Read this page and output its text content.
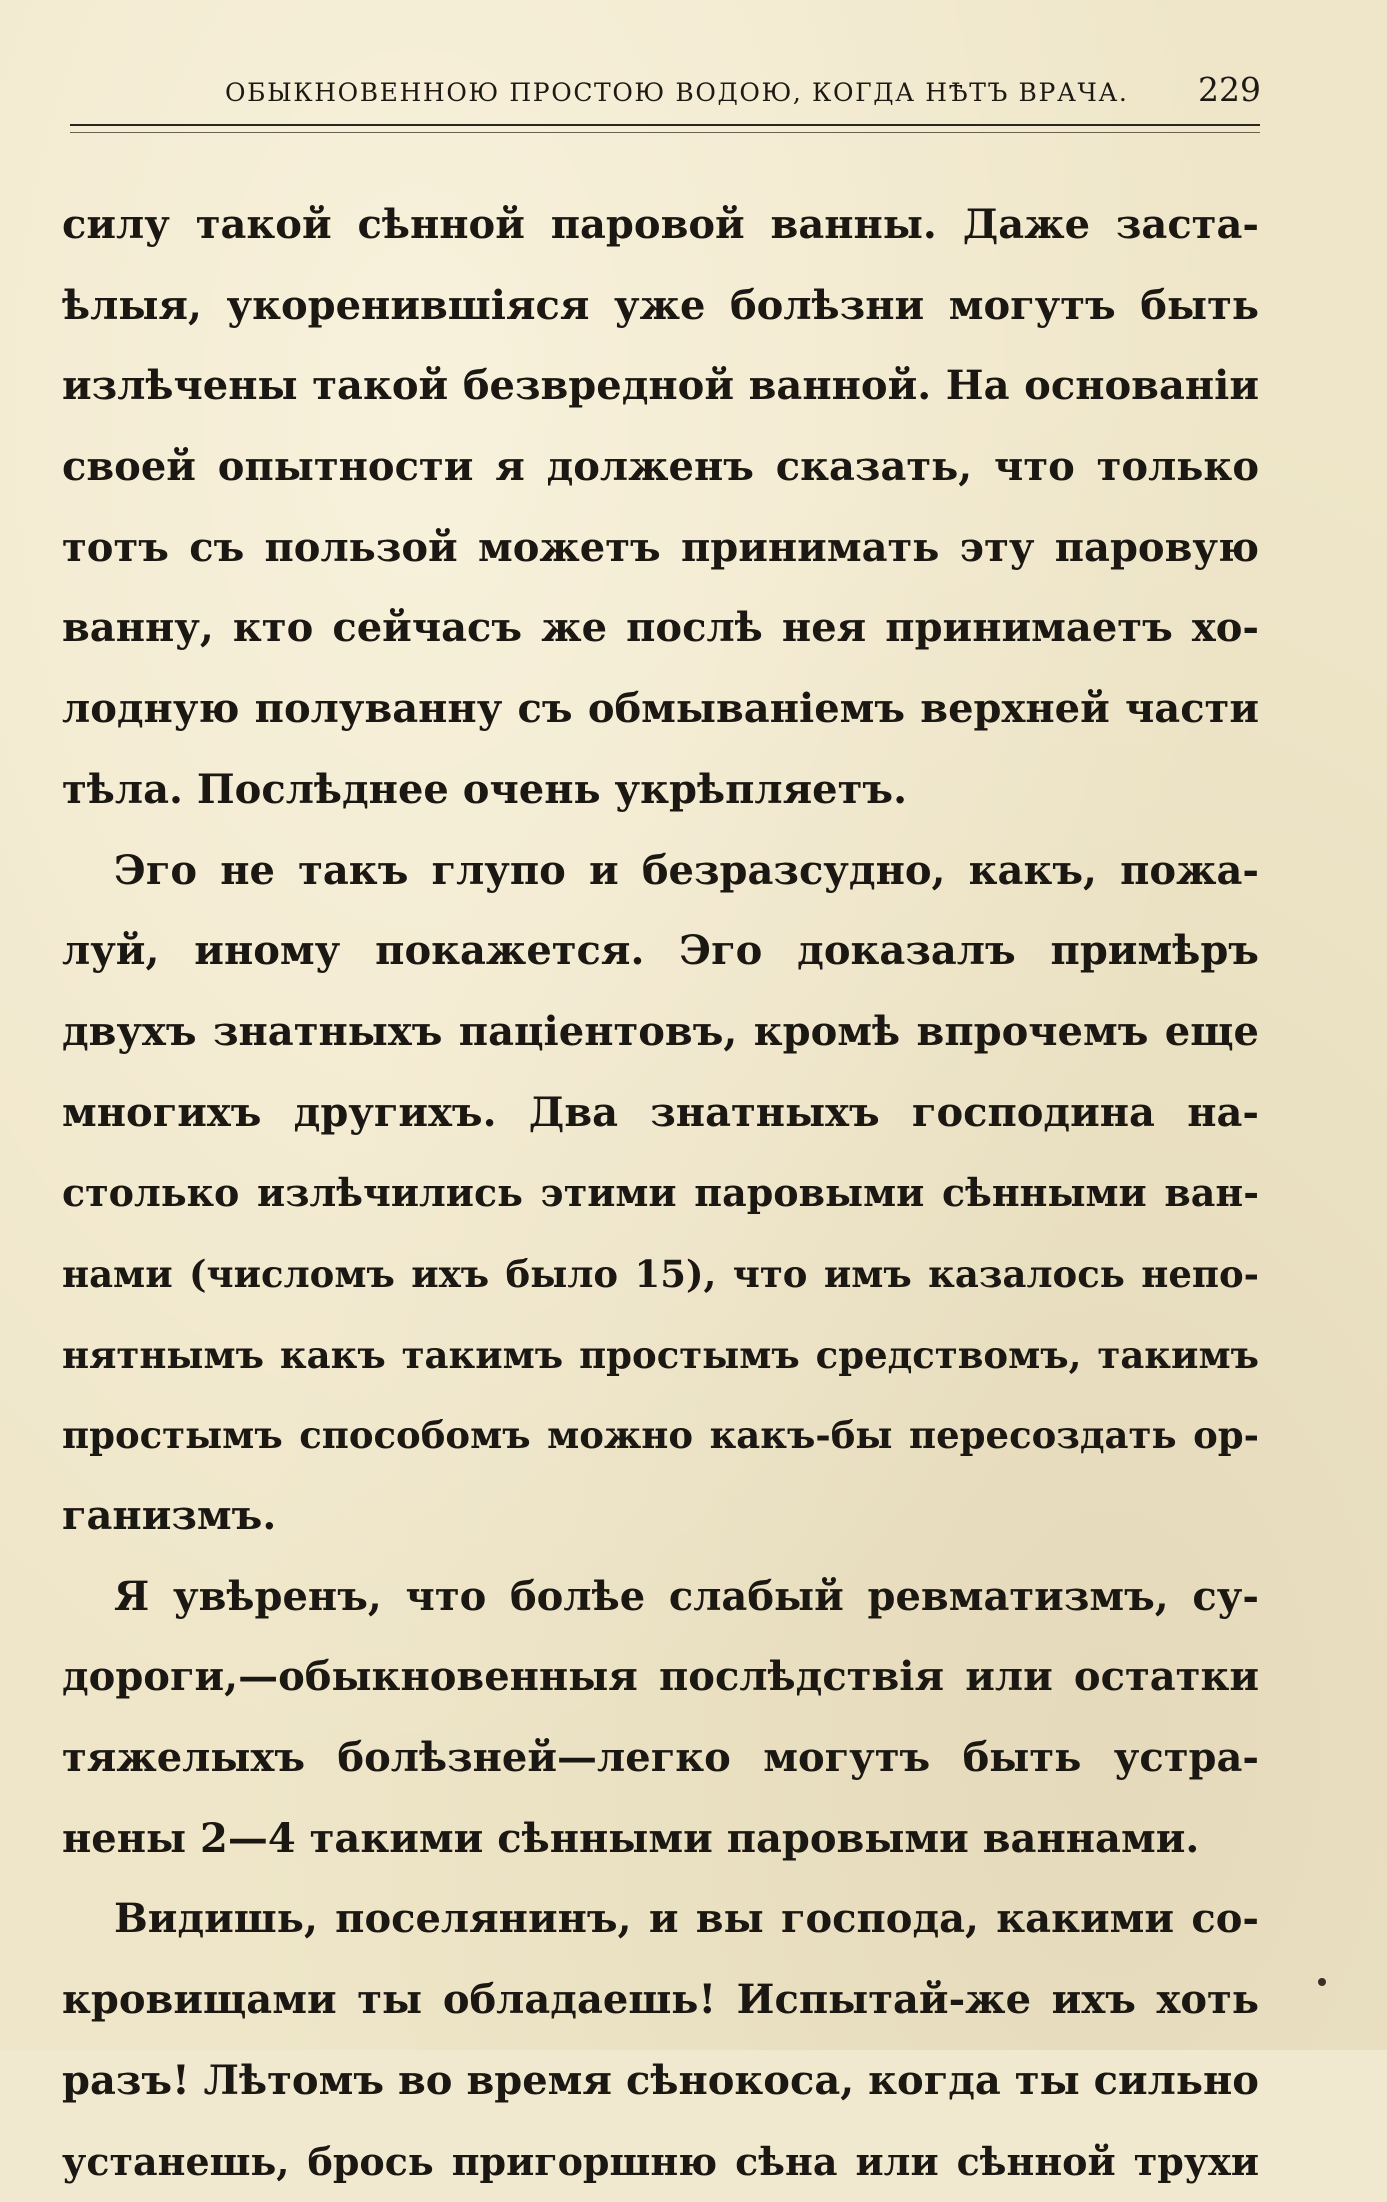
ОБЫКНОВЕННОЮ ПРОСТОЮ ВОДОЮ, КОГДА НѢТЪ ВРАЧА. 229
силу такой сѣнной паровой ванны. Даже заста-
ѣлыя, укоренившіяся уже болѣзни могутъ быть
излѣчены такой безвредной ванной. На основаніи
своей опытности я долженъ сказать, что только
тотъ съ пользой можетъ принимать эту паровую
ванну, кто сейчасъ же послѣ нея принимаетъ хо-
лодную полуванну съ обмываніемъ верхней части
тѣла. Послѣднее очень укрѣпляетъ.
Эго не такъ глупо и безразсудно, какъ, пожа-
луй, иному покажется. Эго доказалъ примѣръ
двухъ знатныхъ паціентовъ, кромѣ впрочемъ еще
многихъ другихъ. Два знатныхъ господина на-
столько излѣчились этими паровыми сѣнными ван-
нами (числомъ ихъ было 15), что имъ казалось непо-
нятнымъ какъ такимъ простымъ средствомъ, такимъ
простымъ способомъ можно какъ-бы пересоздать ор-
ганизмъ.
Я увѣренъ, что болѣе слабый ревматизмъ, су-
дороги,—обыкновенныя послѣдствія или остатки
тяжелыхъ болѣзней—легко могутъ быть устра-
нены 2—4 такими сѣнными паровыми ваннами.
Видишь, поселянинъ, и вы господа, какими со-
кровищами ты обладаешь! Испытай-же ихъ хоть
разъ! Лѣтомъ во время сѣнокоса, когда ты сильно
устанешь, брось пригоршню сѣна или сѣнной трухи
